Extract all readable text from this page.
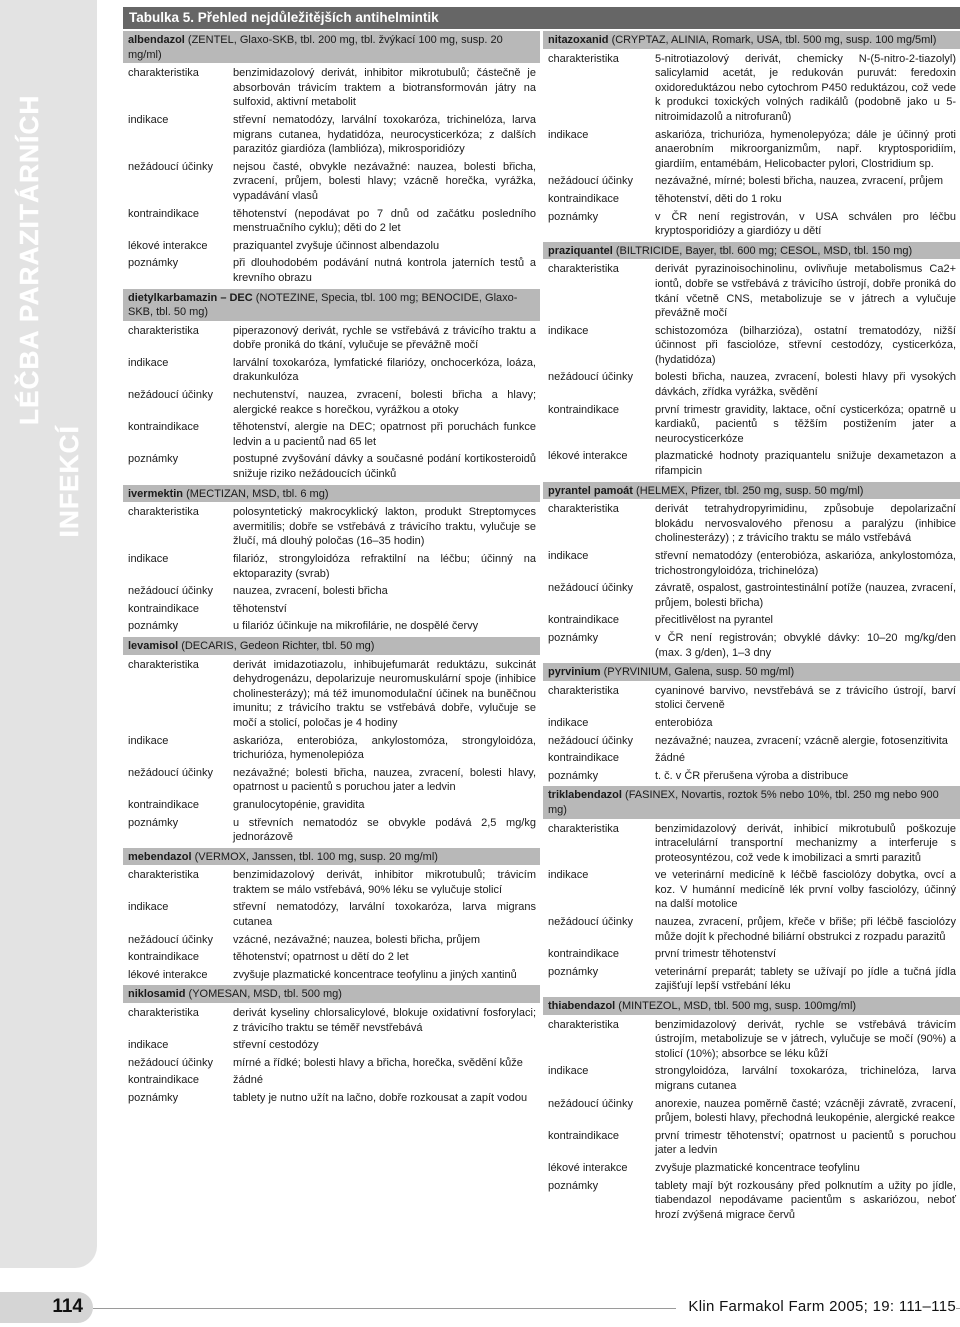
LÉČBA PARAZITÁRNÍCH
INFEKCÍ
Tabulka 5. Přehled nejdůležitějších antihelmintik
albendazol (ZENTEL, Glaxo-SKB, tbl. 200 mg, tbl. žvýkací 100 mg, susp. 20 mg/ml)
charakteristika	benzimidazolový derivát, inhibitor mikrotubulů; částečně je absorbován trávicím traktem a biotransformován játry na sulfoxid, aktivní metabolit
indikace	střevní nematodózy, larvální toxokaróza, trichinelóza, larva migrans cutanea, hydatidóza, neurocysticerkóza; z dalších parazitóz giardióza (lamblióza), mikrosporidiózy
nežádoucí účinky	nejsou časté, obvykle nezávažné: nauzea, bolesti břicha, zvracení, průjem, bolesti hlavy; vzácně horečka, vyrážka, vypadávání vlasů
kontraindikace	těhotenství (nepodávat po 7 dnů od začátku posledního menstruačního cyklu); děti do 2 let
lékové interakce	praziquantel zvyšuje účinnost albendazolu
poznámky	při dlouhodobém podávání nutná kontrola jaterních testů a krevního obrazu
dietylkarbamazin – DEC (NOTEZINE, Specia, tbl. 100 mg; BENOCIDE, Glaxo-SKB, tbl. 50 mg)
charakteristika	piperazonový derivát, rychle se vstřebává z trávicího traktu a dobře proniká do tkání, vylučuje se převážně močí
indikace	larvální toxokaróza, lymfatické filariózy, onchocerkóza, loáza, drakunkulóza
nežádoucí účinky	nechutenství, nauzea, zvracení, bolesti břicha a hlavy; alergické reakce s horečkou, vyrážkou a otoky
kontraindikace	těhotenství, alergie na DEC; opatrnost při poruchách funkce ledvin a u pacientů nad 65 let
poznámky	postupné zvyšování dávky a současné podání kortikosteroidů snižuje riziko nežádoucích účinků
ivermektin (MECTIZAN, MSD, tbl. 6 mg)
charakteristika	polosyntetický makrocyklický lakton, produkt Streptomyces avermitilis; dobře se vstřebává z trávicího traktu, vylučuje se žlučí, má dlouhý poločas (16–35 hodin)
indikace	filarióz, strongyloidóza refraktilní na léčbu; účinný na ektoparazity (svrab)
nežádoucí účinky	nauzea, zvracení, bolesti břicha
kontraindikace	těhotenství
poznámky	u filarióz účinkuje na mikrofilárie, ne dospělé červy
levamisol (DECARIS, Gedeon Richter, tbl. 50 mg)
charakteristika	derivát imidazotiazolu, inhibujefumarát reduktázu, sukcinát dehydrogenázu, depolarizuje neuromuskulární spoje (inhibice cholinesterázy); má též imunomodulační účinek na buněčnou imunitu; z trávicího traktu se vstřebává dobře, vylučuje se močí a stolicí, poločas je 4 hodiny
indikace	askarióza, enterobióza, ankylostomóza, strongyloidóza, trichurióza, hymenolepióza
nežádoucí účinky	nezávažné; bolesti břicha, nauzea, zvracení, bolesti hlavy, opatrnost u pacientů s poruchou jater a ledvin
kontraindikace	granulocytopénie, gravidita
poznámky	u střevních nematodóz se obvykle podává 2,5 mg/kg jednorázově
mebendazol (VERMOX, Janssen, tbl. 100 mg, susp. 20 mg/ml)
charakteristika	benzimidazolový derivát, inhibitor mikrotubulů; trávicím traktem se málo vstřebává, 90% léku se vylučuje stolicí
indikace	střevní nematodózy, larvální toxokaróza, larva migrans cutanea
nežádoucí účinky	vzácné, nezávažné; nauzea, bolesti břicha, průjem
kontraindikace	těhotenství; opatrnost u dětí do 2 let
lékové interakce	zvyšuje plazmatické koncentrace teofylinu a jiných xantinů
niklosamid (YOMESAN, MSD, tbl. 500 mg)
charakteristika	derivát kyseliny chlorsalicylové, blokuje oxidativní fosforylaci; z trávicího traktu se téměř nevstřebává
indikace	střevní cestodózy
nežádoucí účinky	mírné a řídké; bolesti hlavy a břicha, horečka, svědění kůže
kontraindikace	žádné
poznámky	tablety je nutno užít na lačno, dobře rozkousat a zapít vodou
nitazoxanid (CRYPTAZ, ALINIA, Romark, USA, tbl. 500 mg, susp. 100 mg/5ml)
charakteristika	5-nitrotiazolový derivát, chemicky N-(5-nitro-2-tiazolyl) salicylamid acetát, je redukován puruvát: feredoxin oxidoreduktázou nebo cytochrom P450 reduktázou, což vede k produkci toxických volných radikálů (podobně jako u 5-nitroimidazolů a nitrofuranů)
indikace	askarióza, trichurióza, hymenolepyóza; dále je účinný proti anaerobním mikroorganizmům, např. kryptosporidiím, giardiím, entamébám, Helicobacter pylori, Clostridium sp.
nežádoucí účinky	nezávažné, mírné; bolesti břicha, nauzea, zvracení, průjem
kontraindikace	těhotenství, děti do 1 roku
poznámky	v ČR není registrován, v USA schválen pro léčbu kryptosporidiózy a giardiózy u dětí
praziquantel (BILTRICIDE, Bayer, tbl. 600 mg; CESOL, MSD, tbl. 150 mg)
charakteristika	derivát pyrazinoisochinolinu, ovlivňuje metabolismus Ca2+ iontů, dobře se vstřebává z trávicího ústrojí, dobře proniká do tkání včetně CNS, metabolizuje se v játrech a vylučuje převážně močí
indikace	schistozomóza (bilharzióza), ostatní trematodózy, nižší účinnost při fasciolóze, střevní cestodózy, cysticerkóza, (hydatidóza)
nežádoucí účinky	bolesti břicha, nauzea, zvracení, bolesti hlavy při vysokých dávkách, zřídka vyrážka, svědění
kontraindikace	první trimestr gravidity, laktace, oční cysticerkóza; opatrně u kardiaků, pacientů s těžším postižením jater a neurocysticerkóze
lékové interakce	plazmatické hodnoty praziquantelu snižuje dexametazon a rifampicin
pyrantel pamoát (HELMEX, Pfizer, tbl. 250 mg, susp. 50 mg/ml)
charakteristika	derivát tetrahydropyrimidinu, způsobuje depolarizační blokádu nervosvalového přenosu a paralýzu (inhibice cholinesterázy) ; z trávicího traktu se málo vstřebává
indikace	střevní nematodózy (enterobióza, askarióza, ankylostomóza, trichostrongyloidóza, trichinelóza)
nežádoucí účinky	závratě, ospalost, gastrointestinální potíže (nauzea, zvracení, průjem, bolesti břicha)
kontraindikace	přecitlivělost na pyrantel
poznámky	v ČR není registrován; obvyklé dávky: 10–20 mg/kg/den (max. 3 g/den), 1–3 dny
pyrvinium (PYRVINIUM, Galena, susp. 50 mg/ml)
charakteristika	cyaninové barvivo, nevstřebává se z trávicího ústrojí, barví stolici červeně
indikace	enterobióza
nežádoucí účinky	nezávažné; nauzea, zvracení; vzácně alergie, fotosenzitivita
kontraindikace	žádné
poznámky	t. č. v ČR přerušena výroba a distribuce
triklabendazol (FASINEX, Novartis, roztok 5% nebo 10%, tbl. 250 mg nebo 900 mg)
charakteristika	benzimidazolový derivát, inhibicí mikrotubulů poškozuje intracelulární transportní mechanizmy a interferuje s proteosyntézou, což vede k imobilizaci a smrti parazitů
indikace	ve veterinární medicíně k léčbě fasciolózy dobytka, ovcí a koz. V humánní medicíně lék první volby fasciolózy, účinný na další motolice
nežádoucí účinky	nauzea, zvracení, průjem, křeče v břiše; při léčbě fasciolózy může dojít k přechodné biliární obstrukci z rozpadu parazitů
kontraindikace	první trimestr těhotenství
poznámky	veterinární preparát; tablety se užívají po jídle a tučná jídla zajišťují lepší vstřebání léku
thiabendazol (MINTEZOL, MSD, tbl. 500 mg, susp. 100mg/ml)
charakteristika	benzimidazolový derivát, rychle se vstřebává trávicím ústrojím, metabolizuje se v játrech, vylučuje se močí (90%) a stolicí (10%); absorbce se léku kůží
indikace	strongyloidóza, larvální toxokaróza, trichinelóza, larva migrans cutanea
nežádoucí účinky	anorexie, nauzea poměrně časté; vzácněji závratě, zvracení, průjem, bolesti hlavy, přechodná leukopénie, alergické reakce
kontraindikace	první trimestr těhotenství; opatrnost u pacientů s poruchou jater a ledvin
lékové interakce	zvyšuje plazmatické koncentrace teofylinu
poznámky	tablety mají být rozkousány před polknutím a užity po jídle, tiabendazol nepodávame pacientům s askariózou, neboť hrozí zvýšená migrace červů
114	Klin Farmakol Farm 2005; 19: 111–115
